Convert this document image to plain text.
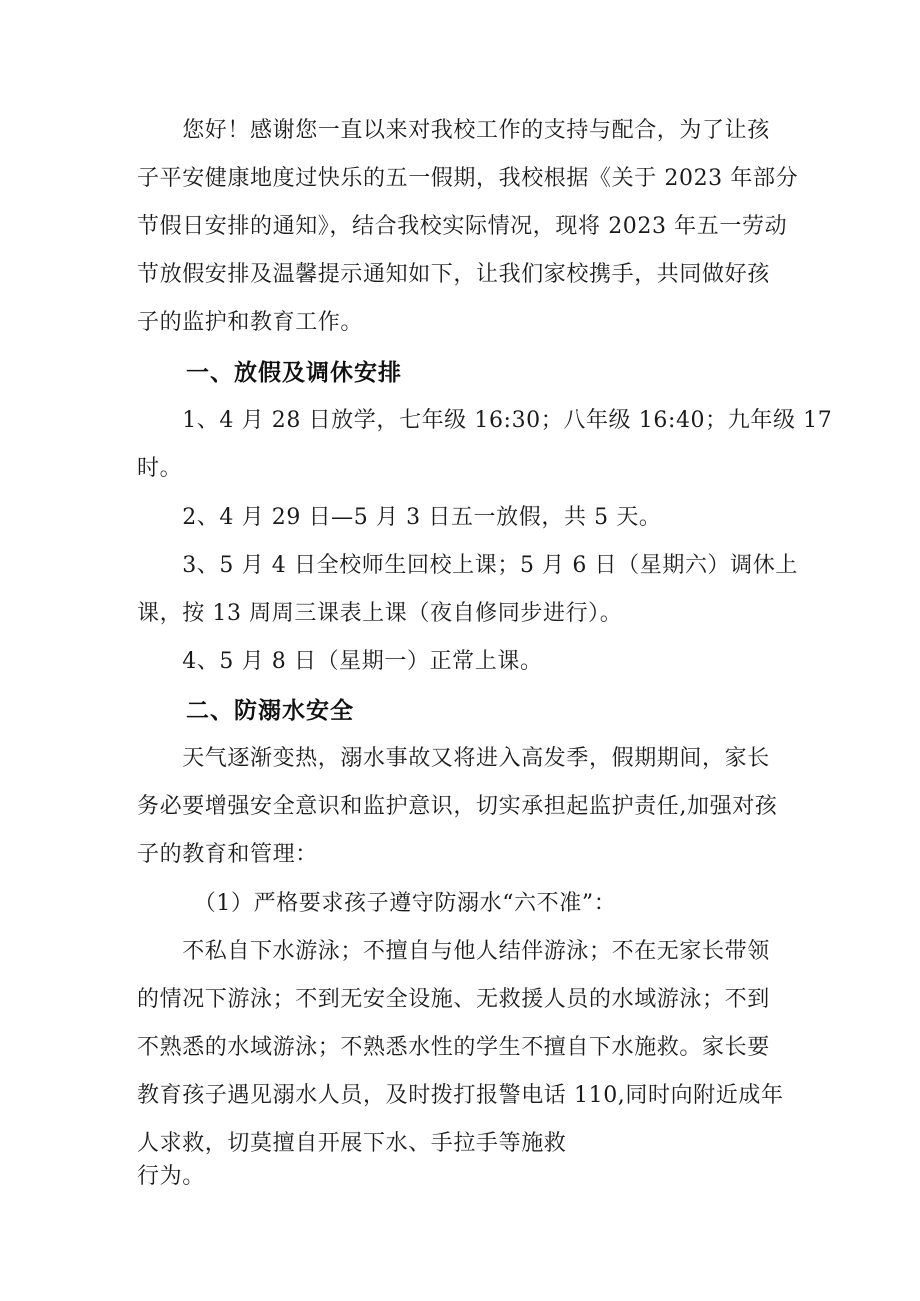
　　您好！感谢您一直以来对我校工作的支持与配合，为了让孩
子平安健康地度过快乐的五一假期，我校根据《关于 2023 年部分
节假日安排的通知》，结合我校实际情况，现将 2023 年五一劳动
节放假安排及温馨提示通知如下，让我们家校携手，共同做好孩
子的监护和教育工作。
一、放假及调休安排
　　1、4 月 28 日放学，七年级 16:30；八年级 16:40；九年级 17
时。
　　2、4 月 29 日—5 月 3 日五一放假，共 5 天。
　　3、5 月 4 日全校师生回校上课；5 月 6 日（星期六）调休上
课，按 13 周周三课表上课（夜自修同步进行）。
　　4、5 月 8 日（星期一）正常上课。
二、防溺水安全
　　天气逐渐变热，溺水事故又将进入高发季，假期期间，家长
务必要增强安全意识和监护意识，切实承担起监护责任,加强对孩
子的教育和管理：
　　　（1）严格要求孩子遵守防溺水“六不准”：
　　不私自下水游泳；不擅自与他人结伴游泳；不在无家长带领
的情况下游泳；不到无安全设施、无救援人员的水域游泳；不到
不熟悉的水域游泳；不熟悉水性的学生不擅自下水施救。家长要
教育孩子遇见溺水人员，及时拨打报警电话 110,同时向附近成年
人求救，切莫擅自开展下水、手拉手等施救
行为。
